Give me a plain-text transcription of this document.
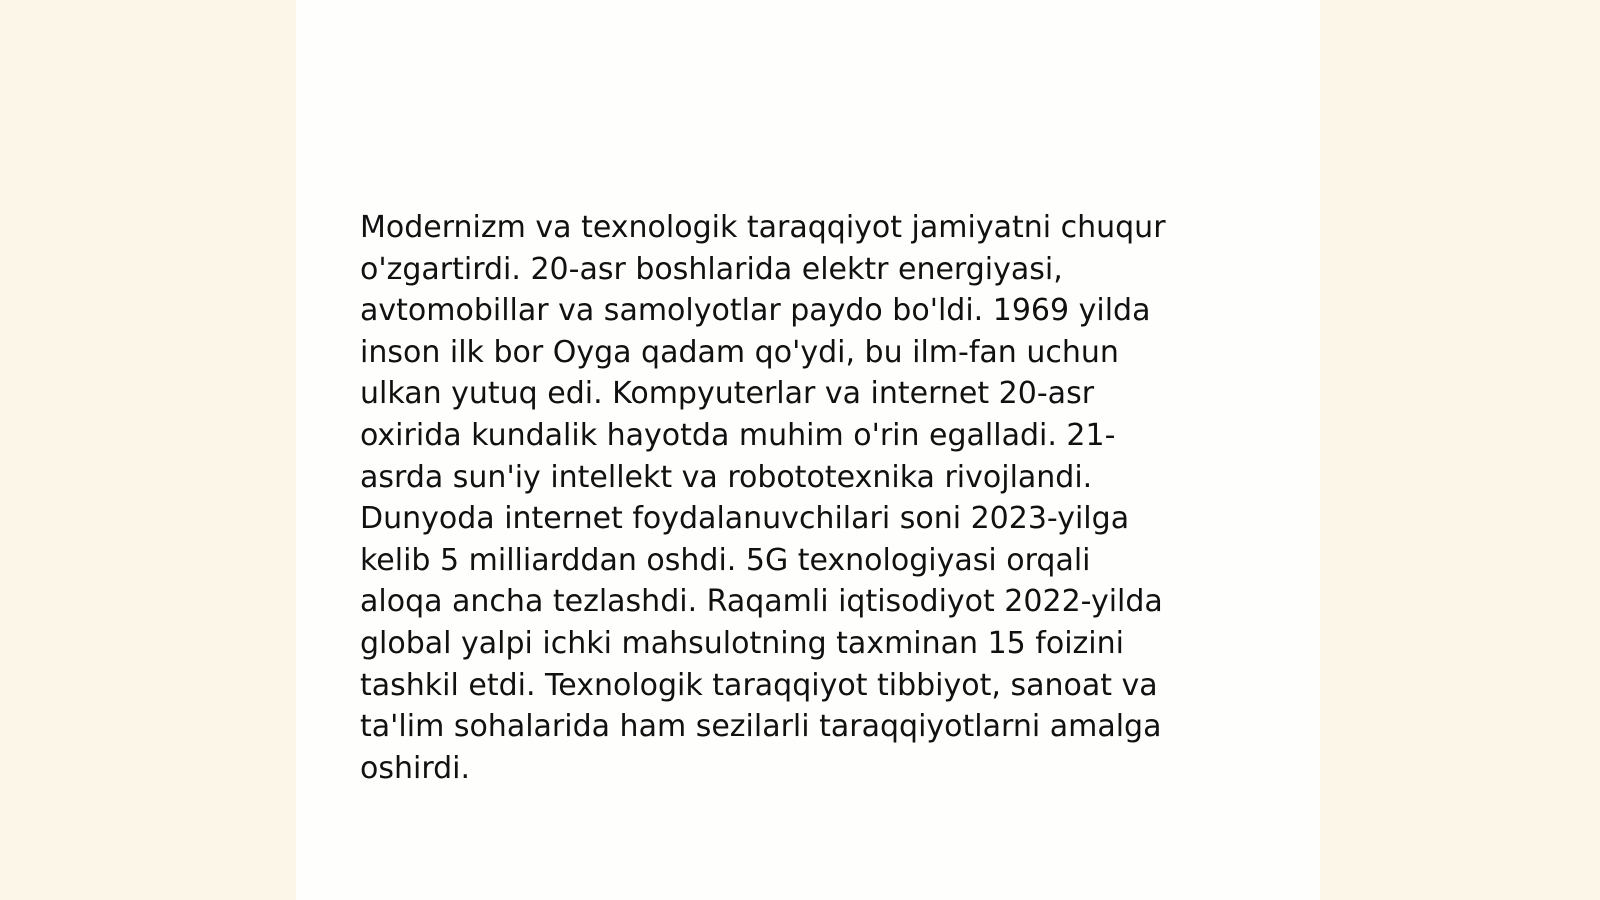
Modernizm va texnologik taraqqiyot jamiyatni chuqur
o'zgartirdi. 20-asr boshlarida elektr energiyasi,
avtomobillar va samolyotlar paydo bo'ldi. 1969 yilda
inson ilk bor Oyga qadam qo'ydi, bu ilm-fan uchun
ulkan yutuq edi. Kompyuterlar va internet 20-asr
oxirida kundalik hayotda muhim o'rin egalladi. 21-
asrda sun'iy intellekt va robototexnika rivojlandi.
Dunyoda internet foydalanuvchilari soni 2023-yilga
kelib 5 milliarddan oshdi. 5G texnologiyasi orqali
aloqa ancha tezlashdi. Raqamli iqtisodiyot 2022-yilda
global yalpi ichki mahsulotning taxminan 15 foizini
tashkil etdi. Texnologik taraqqiyot tibbiyot, sanoat va
ta'lim sohalarida ham sezilarli taraqqiyotlarni amalga
oshirdi.
